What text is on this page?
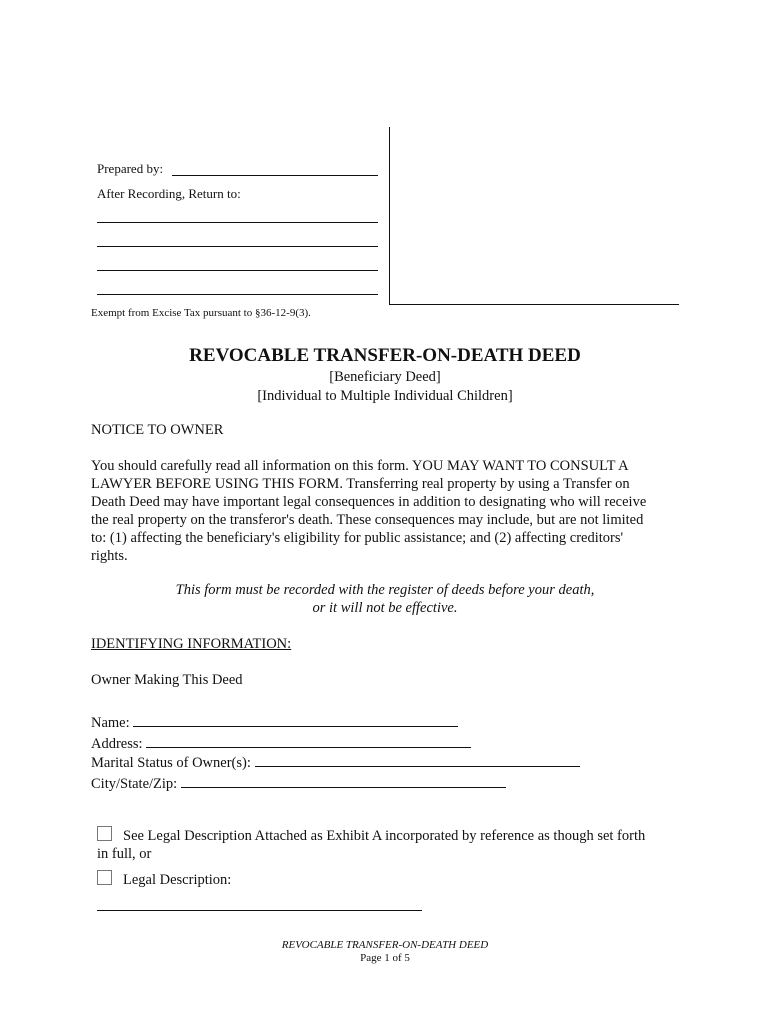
Prepared by:
After Recording, Return to:
Exempt from Excise Tax pursuant to §36-12-9(3).
REVOCABLE TRANSFER-ON-DEATH DEED
[Beneficiary Deed]
[Individual to Multiple Individual Children]
NOTICE TO OWNER
You should carefully read all information on this form. YOU MAY WANT TO CONSULT A
LAWYER BEFORE USING THIS FORM. Transferring real property by using a Transfer on
Death Deed may have important legal consequences in addition to designating who will receive
the real property on the transferor's death. These consequences may include, but are not limited
to: (1) affecting the beneficiary's eligibility for public assistance; and (2) affecting creditors'
rights.
This form must be recorded with the register of deeds before your death,
or it will not be effective.
IDENTIFYING INFORMATION:
Owner Making This Deed
Name:
Address:
Marital Status of Owner(s):
City/State/Zip:
See Legal Description Attached as Exhibit A incorporated by reference as though set forth
in full, or
Legal Description:
REVOCABLE TRANSFER-ON-DEATH DEED
Page 1 of 5
